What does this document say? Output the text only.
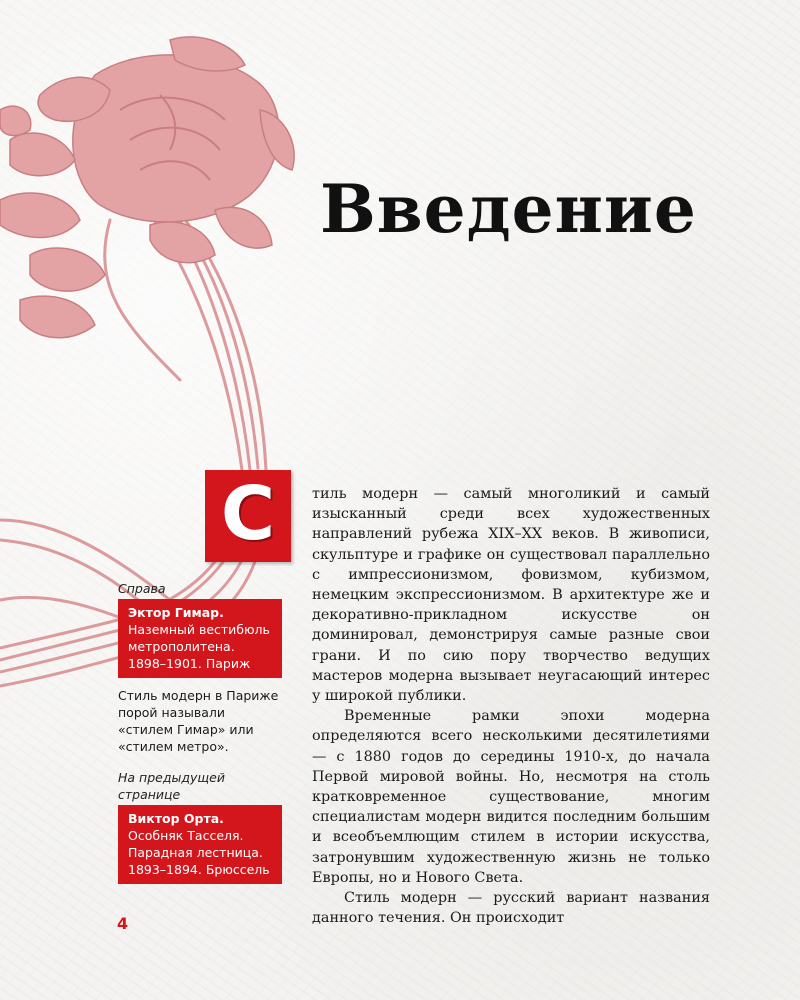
Введение
С	тиль модерн — самый многоликий и самый изысканный среди всех художественных направлений рубежа XIX–XX веков. В живописи, скульптуре и графике он существовал параллельно с импрессионизмом, фовизмом, кубизмом, немецким экспрессионизмом. В архитектуре же и декоративно-прикладном искусстве он доминировал, демонстрируя самые разные свои грани. И по сию пору творчество ведущих мастеров модерна вызывает неугасающий интерес у широкой публики.

Временные рамки эпохи модерна определяются всего несколькими десятилетиями — с 1880 годов до середины 1910-х, до начала Первой мировой войны. Но, несмотря на столь кратковременное существование, многим специалистам модерн видится последним большим и всеобъемлющим стилем в истории искусства, затронувшим художественную жизнь не только Европы, но и Нового Света.

Стиль модерн — русский вариант названия данного течения. Он происходит

Справа
Эктор Гимар. Наземный вестибюль метрополитена. 1898–1901. Париж
Стиль модерн в Париже порой называли «стилем Гимар» или «стилем метро».
На предыдущей странице
Виктор Орта.
Особняк Тасселя. Парадная лестница. 1893–1894. Брюссель
4
